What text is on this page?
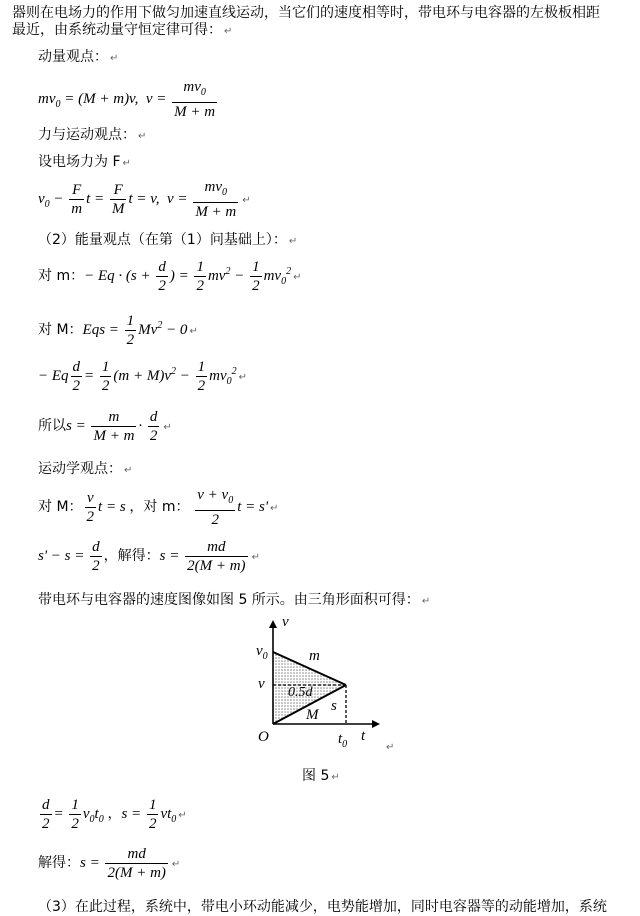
器则在电场力的作用下做匀加速直线运动，当它们的速度相等时，带电环与电容器的左极板相距
最近，由系统动量守恒定律可得： ↵
动量观点： ↵
$mv_0 = (M + m)v$,  $v = \frac{mv_0}{M + m}$
力与运动观点： ↵
设电场力为 F ↵
$v_0 - \frac{F}{m}$ $t = \frac{F}{M}$ t = v,  $v = \frac{mv_0}{M + m}$ ↵
（2）能量观点（在第（1）问基础上）： ↵
对 m：− $Eq \cdot (s + \frac{d}{2}$ ) = $\frac{1}{2} mv^2 - \frac{1}{2}$ $mv_0^2↵$
对 M：Eqs = $\frac{1}{2} Mv^2 - 0$ ↵
− Eq $\frac{d}{2} = \frac{1}{2} (m + M)v^2 - \frac{1}{2}$ $mv_0^2↵$
所以$s = \frac{m}{M + m} \cdot \frac{d}{2}$ ↵
运动学观点： ↵
对 M： $\frac{v}{2}$ t = s ，对 m： $\frac{v + v_0}{2}$ t = s' ↵
$s' - s = \frac{d}{2}$ ，解得：$s = \frac{md}{2(M + m)}$ ↵
带电环与电容器的速度图像如图 5 所示。由三角形面积可得： ↵
v
t
O
$v_0$
v
$t_0$
m
M
0.5d
s
↵
图 5 ↵
$\frac{d}{2} = \frac{1}{2} v_0t_0$ ，$s = \frac{1}{2} vt_0$ ↵
解得：$s = \frac{md}{2(M + m)}$ ↵
（3）在此过程，系统中，带电小环动能减少，电势能增加，同时电容器等的动能增加，系统
